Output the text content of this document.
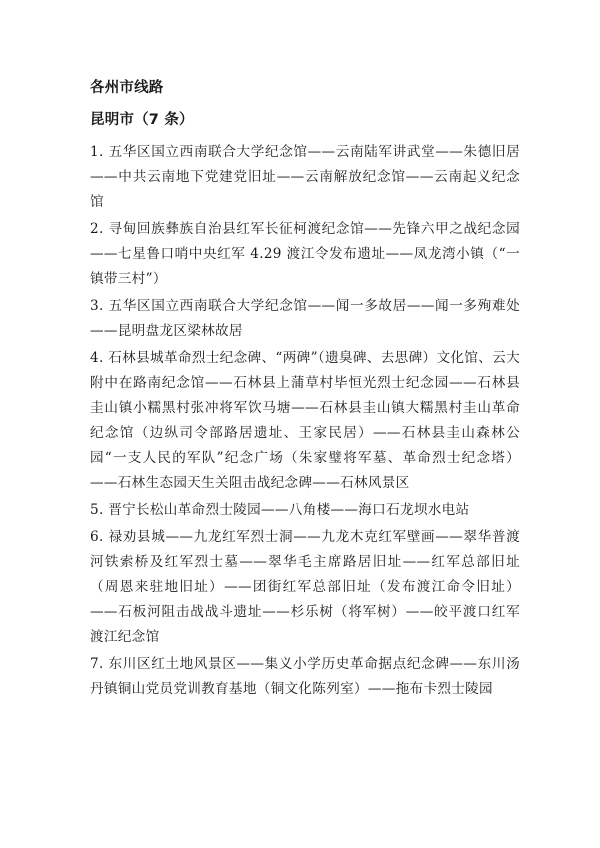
各州市线路
昆明市（7 条）

1. 五华区国立西南联合大学纪念馆——云南陆军讲武堂——朱德旧居——中共云南地下党建党旧址——云南解放纪念馆——云南起义纪念馆

2. 寻甸回族彝族自治县红军长征柯渡纪念馆——先锋六甲之战纪念园——七星鲁口哨中央红军 4.29 渡江令发布遗址——凤龙湾小镇（“一镇带三村”）

3. 五华区国立西南联合大学纪念馆——闻一多故居——闻一多殉难处——昆明盘龙区梁林故居

4. 石林县城革命烈士纪念碑、“两碑”（遗臭碑、去思碑）文化馆、云大附中在路南纪念馆——石林县上蒲草村毕恒光烈士纪念园——石林县圭山镇小糯黑村张冲将军饮马塘——石林县圭山镇大糯黑村圭山革命纪念馆（边纵司令部路居遗址、王家民居）——石林县圭山森林公园“一支人民的军队”纪念广场（朱家璧将军墓、革命烈士纪念塔）——石林生态园天生关阻击战纪念碑——石林风景区

5. 晋宁长松山革命烈士陵园——八角楼——海口石龙坝水电站

6. 禄劝县城——九龙红军烈士洞——九龙木克红军壁画——翠华普渡河铁索桥及红军烈士墓——翠华毛主席路居旧址——红军总部旧址（周恩来驻地旧址）——团街红军总部旧址（发布渡江命令旧址）——石板河阻击战战斗遗址——杉乐树（将军树）——皎平渡口红军渡江纪念馆

7. 东川区红土地风景区——集义小学历史革命据点纪念碑——东川汤丹镇铜山党员党训教育基地（铜文化陈列室）——拖布卡烈士陵园
